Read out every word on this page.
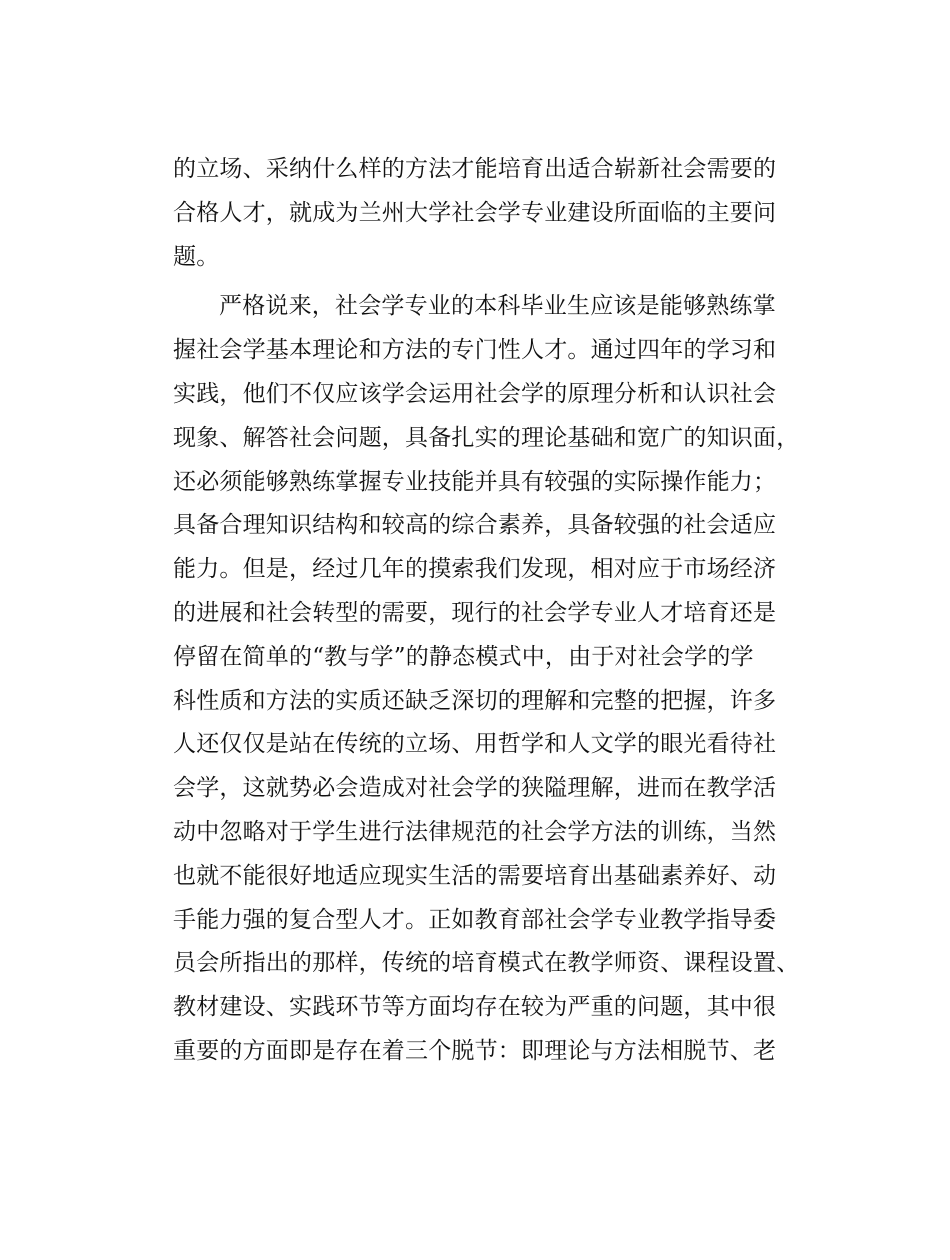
的立场、采纳什么样的方法才能培育出适合崭新社会需要的
合格人才，就成为兰州大学社会学专业建设所面临的主要问
题。
严格说来，社会学专业的本科毕业生应该是能够熟练掌
握社会学基本理论和方法的专门性人才。通过四年的学习和
实践，他们不仅应该学会运用社会学的原理分析和认识社会
现象、解答社会问题，具备扎实的理论基础和宽广的知识面，
还必须能够熟练掌握专业技能并具有较强的实际操作能力；
具备合理知识结构和较高的综合素养，具备较强的社会适应
能力。但是，经过几年的摸索我们发现，相对应于市场经济
的进展和社会转型的需要，现行的社会学专业人才培育还是
停留在简单的“教与学”的静态模式中，由于对社会学的学
科性质和方法的实质还缺乏深切的理解和完整的把握，许多
人还仅仅是站在传统的立场、用哲学和人文学的眼光看待社
会学，这就势必会造成对社会学的狭隘理解，进而在教学活
动中忽略对于学生进行法律规范的社会学方法的训练，当然
也就不能很好地适应现实生活的需要培育出基础素养好、动
手能力强的复合型人才。正如教育部社会学专业教学指导委
员会所指出的那样，传统的培育模式在教学师资、课程设置、
教材建设、实践环节等方面均存在较为严重的问题，其中很
重要的方面即是存在着三个脱节：即理论与方法相脱节、老
